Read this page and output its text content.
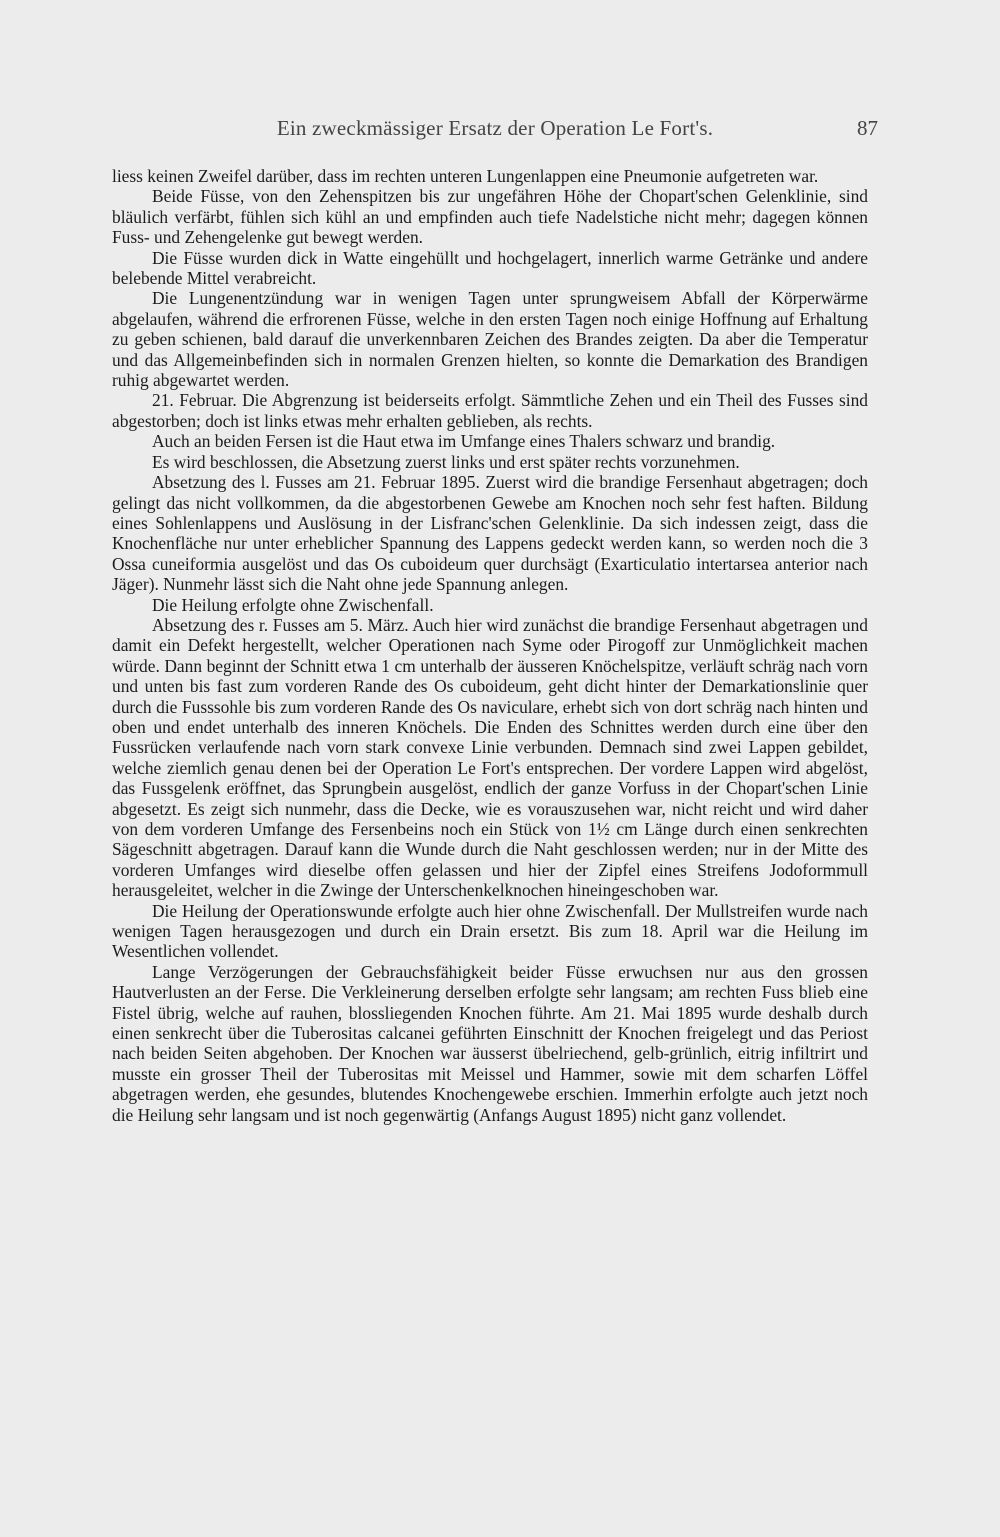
Ein zweckmässiger Ersatz der Operation Le Fort's.	87

liess keinen Zweifel darüber, dass im rechten unteren Lungenlappen eine Pneumonie aufgetreten war.

Beide Füsse, von den Zehenspitzen bis zur ungefähren Höhe der Chopart'schen Gelenklinie, sind bläulich verfärbt, fühlen sich kühl an und empfinden auch tiefe Nadelstiche nicht mehr; dagegen können Fuss- und Zehengelenke gut bewegt werden.

Die Füsse wurden dick in Watte eingehüllt und hochgelagert, innerlich warme Getränke und andere belebende Mittel verabreicht.

Die Lungenentzündung war in wenigen Tagen unter sprungweisem Abfall der Körperwärme abgelaufen, während die erfrorenen Füsse, welche in den ersten Tagen noch einige Hoffnung auf Erhaltung zu geben schienen, bald darauf die unverkennbaren Zeichen des Brandes zeigten. Da aber die Temperatur und das Allgemeinbefinden sich in normalen Grenzen hielten, so konnte die Demarkation des Brandigen ruhig abgewartet werden.

21. Februar. Die Abgrenzung ist beiderseits erfolgt. Sämmtliche Zehen und ein Theil des Fusses sind abgestorben; doch ist links etwas mehr erhalten geblieben, als rechts.

Auch an beiden Fersen ist die Haut etwa im Umfange eines Thalers schwarz und brandig.

Es wird beschlossen, die Absetzung zuerst links und erst später rechts vorzunehmen.

Absetzung des l. Fusses am 21. Februar 1895. Zuerst wird die brandige Fersenhaut abgetragen; doch gelingt das nicht vollkommen, da die abgestorbenen Gewebe am Knochen noch sehr fest haften. Bildung eines Sohlenlappens und Auslösung in der Lisfranc'schen Gelenklinie. Da sich indessen zeigt, dass die Knochenfläche nur unter erheblicher Spannung des Lappens gedeckt werden kann, so werden noch die 3 Ossa cuneiformia ausgelöst und das Os cuboideum quer durchsägt (Exarticulatio intertarsea anterior nach Jäger). Nunmehr lässt sich die Naht ohne jede Spannung anlegen.

Die Heilung erfolgte ohne Zwischenfall.

Absetzung des r. Fusses am 5. März. Auch hier wird zunächst die brandige Fersenhaut abgetragen und damit ein Defekt hergestellt, welcher Operationen nach Syme oder Pirogoff zur Unmöglichkeit machen würde. Dann beginnt der Schnitt etwa 1 cm unterhalb der äusseren Knöchelspitze, verläuft schräg nach vorn und unten bis fast zum vorderen Rande des Os cuboideum, geht dicht hinter der Demarkationslinie quer durch die Fusssohle bis zum vorderen Rande des Os naviculare, erhebt sich von dort schräg nach hinten und oben und endet unterhalb des inneren Knöchels. Die Enden des Schnittes werden durch eine über den Fussrücken verlaufende nach vorn stark convexe Linie verbunden. Demnach sind zwei Lappen gebildet, welche ziemlich genau denen bei der Operation Le Fort's entsprechen. Der vordere Lappen wird abgelöst, das Fussgelenk eröffnet, das Sprungbein ausgelöst, endlich der ganze Vorfuss in der Chopart'schen Linie abgesetzt. Es zeigt sich nunmehr, dass die Decke, wie es vorauszusehen war, nicht reicht und wird daher von dem vorderen Umfange des Fersenbeins noch ein Stück von 1½ cm Länge durch einen senkrechten Sägeschnitt abgetragen. Darauf kann die Wunde durch die Naht geschlossen werden; nur in der Mitte des vorderen Umfanges wird dieselbe offen gelassen und hier der Zipfel eines Streifens Jodoformmull herausgeleitet, welcher in die Zwinge der Unterschenkelknochen hineingeschoben war.

Die Heilung der Operationswunde erfolgte auch hier ohne Zwischenfall. Der Mullstreifen wurde nach wenigen Tagen herausgezogen und durch ein Drain ersetzt. Bis zum 18. April war die Heilung im Wesentlichen vollendet.

Lange Verzögerungen der Gebrauchsfähigkeit beider Füsse erwuchsen nur aus den grossen Hautverlusten an der Ferse. Die Verkleinerung derselben erfolgte sehr langsam; am rechten Fuss blieb eine Fistel übrig, welche auf rauhen, blossliegenden Knochen führte. Am 21. Mai 1895 wurde deshalb durch einen senkrecht über die Tuberositas calcanei geführten Einschnitt der Knochen freigelegt und das Periost nach beiden Seiten abgehoben. Der Knochen war äusserst übelriechend, gelb-grünlich, eitrig infiltrirt und musste ein grosser Theil der Tuberositas mit Meissel und Hammer, sowie mit dem scharfen Löffel abgetragen werden, ehe gesundes, blutendes Knochengewebe erschien. Immerhin erfolgte auch jetzt noch die Heilung sehr langsam und ist noch gegenwärtig (Anfangs August 1895) nicht ganz vollendet.
